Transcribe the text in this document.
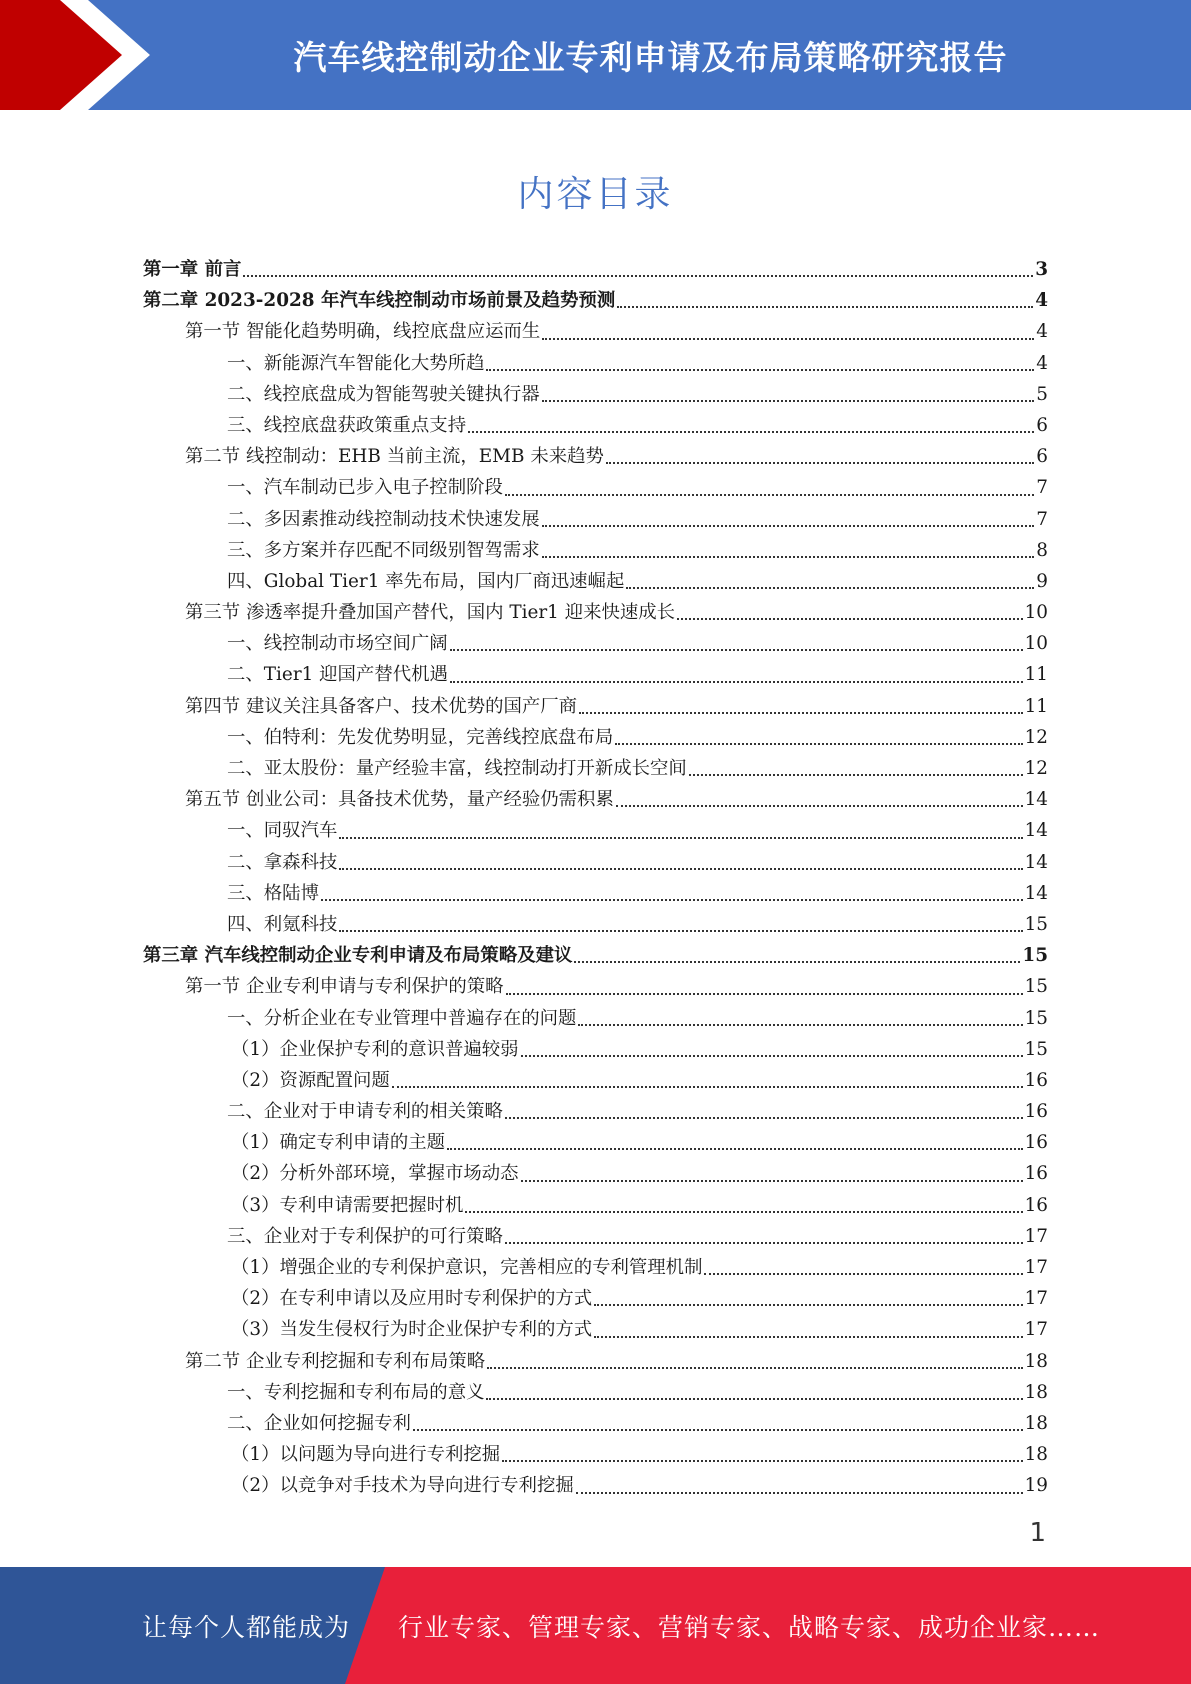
汽车线控制动企业专利申请及布局策略研究报告
内容目录
第一章 前言	3
第二章 2023-2028 年汽车线控制动市场前景及趋势预测	4
第一节 智能化趋势明确，线控底盘应运而生	4
一、新能源汽车智能化大势所趋	4
二、线控底盘成为智能驾驶关键执行器	5
三、线控底盘获政策重点支持	6
第二节 线控制动：EHB 当前主流，EMB 未来趋势	6
一、汽车制动已步入电子控制阶段	7
二、多因素推动线控制动技术快速发展	7
三、多方案并存匹配不同级别智驾需求	8
四、Global Tier1 率先布局，国内厂商迅速崛起	9
第三节 渗透率提升叠加国产替代，国内 Tier1 迎来快速成长	10
一、线控制动市场空间广阔	10
二、Tier1 迎国产替代机遇	11
第四节 建议关注具备客户、技术优势的国产厂商	11
一、伯特利：先发优势明显，完善线控底盘布局	12
二、亚太股份：量产经验丰富，线控制动打开新成长空间	12
第五节 创业公司：具备技术优势，量产经验仍需积累	14
一、同驭汽车	14
二、拿森科技	14
三、格陆博	14
四、利氪科技	15
第三章 汽车线控制动企业专利申请及布局策略及建议	15
第一节 企业专利申请与专利保护的策略	15
一、分析企业在专业管理中普遍存在的问题	15
（1）企业保护专利的意识普遍较弱	15
（2）资源配置问题	16
二、企业对于申请专利的相关策略	16
（1）确定专利申请的主题	16
（2）分析外部环境，掌握市场动态	16
（3）专利申请需要把握时机	16
三、企业对于专利保护的可行策略	17
（1）增强企业的专利保护意识，完善相应的专利管理机制	17
（2）在专利申请以及应用时专利保护的方式	17
（3）当发生侵权行为时企业保护专利的方式	17
第二节 企业专利挖掘和专利布局策略	18
一、专利挖掘和专利布局的意义	18
二、企业如何挖掘专利	18
（1）以问题为导向进行专利挖掘	18
（2）以竞争对手技术为导向进行专利挖掘	19
1
让每个人都能成为 行业专家、管理专家、营销专家、战略专家、成功企业家……
